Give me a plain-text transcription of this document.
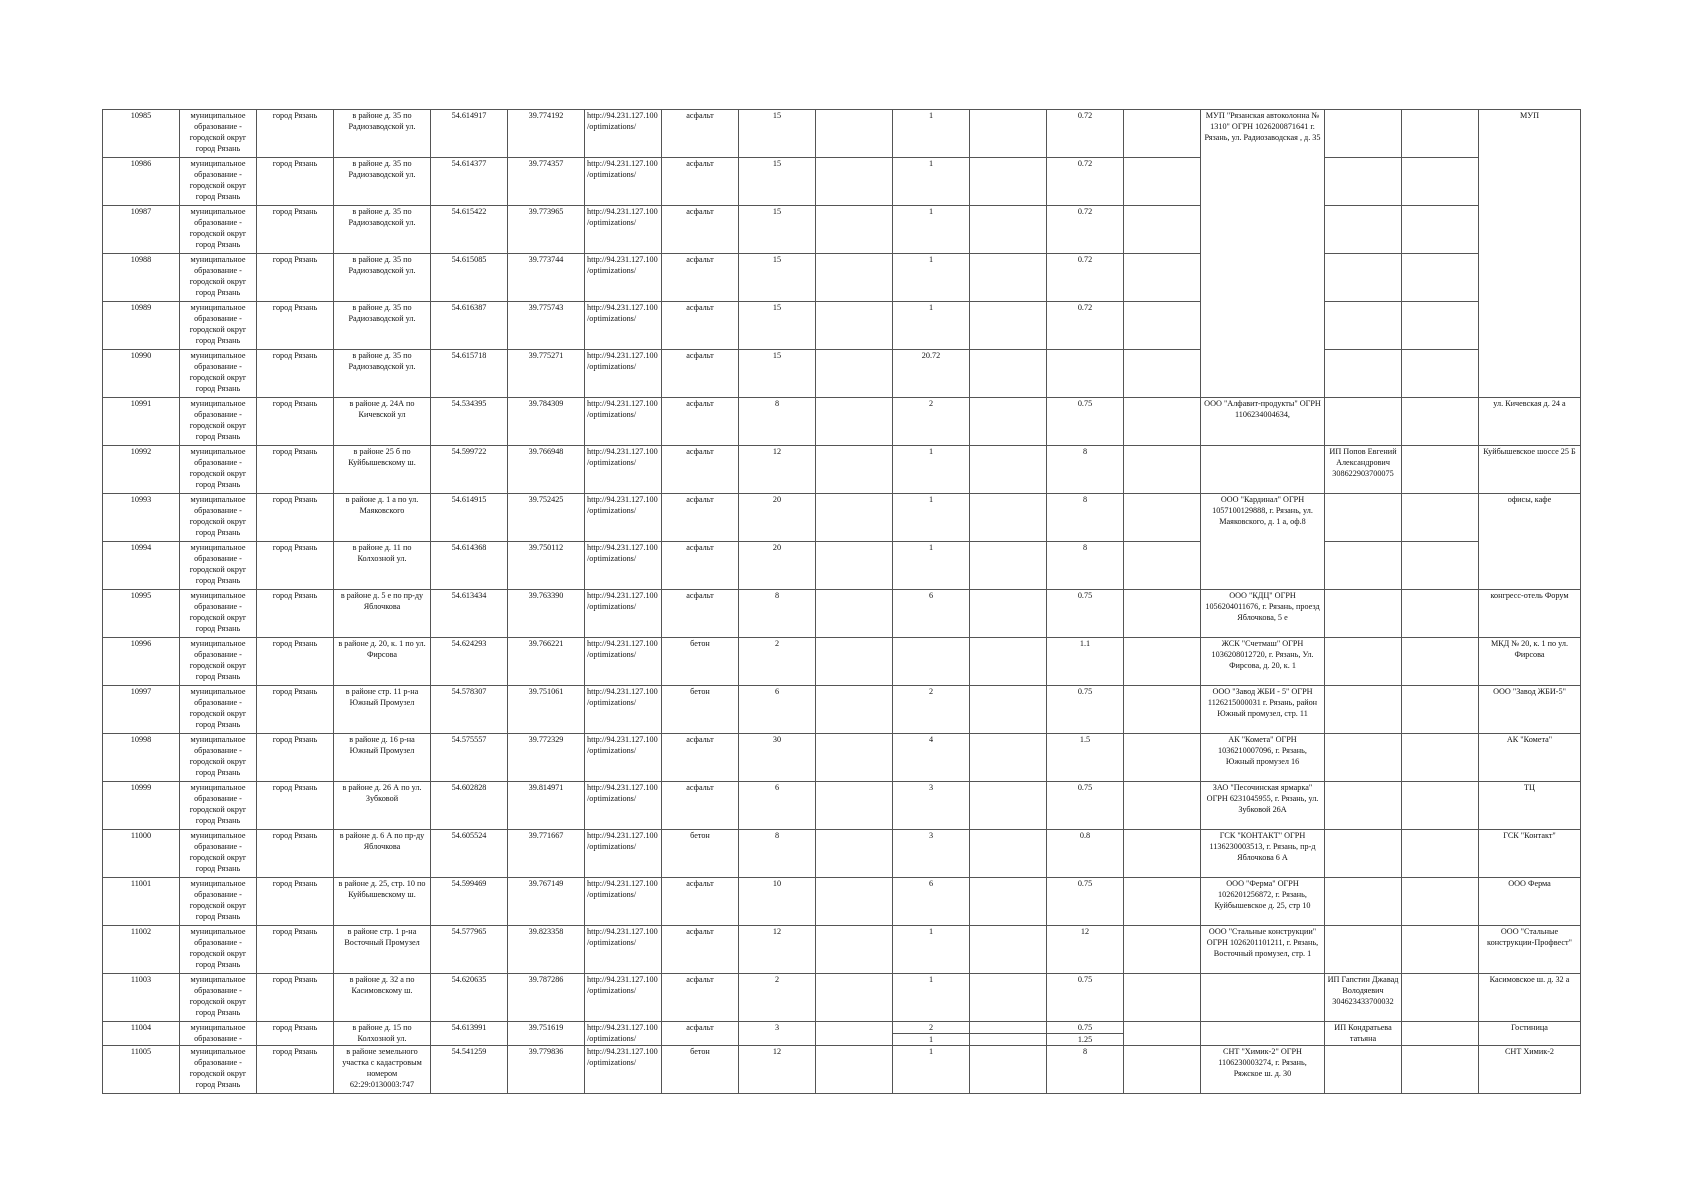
10985	муниципальное образование - городской округ город Рязань	город Рязань	в районе д. 35 по Радиозаводской ул.	54.614917	39.774192	http://94.231.127.100/optimizations/	асфальт	15		1		0.72		МУП "Рязанская автоколонна № 1310" ОГРН 1026200871641 г. Рязань, ул. Радиозаводская , д. 35			МУП
10986	муниципальное образование - городской округ город Рязань	город Рязань	в районе д. 35 по Радиозаводской ул.	54.614377	39.774357	http://94.231.127.100/optimizations/	асфальт	15		1		0.72					
10987	муниципальное образование - городской округ город Рязань	город Рязань	в районе д. 35 по Радиозаводской ул.	54.615422	39.773965	http://94.231.127.100/optimizations/	асфальт	15		1		0.72					
10988	муниципальное образование - городской округ город Рязань	город Рязань	в районе д. 35 по Радиозаводской ул.	54.615085	39.773744	http://94.231.127.100/optimizations/	асфальт	15		1		0.72					
10989	муниципальное образование - городской округ город Рязань	город Рязань	в районе д. 35 по Радиозаводской ул.	54.616387	39.775743	http://94.231.127.100/optimizations/	асфальт	15		1		0.72					
10990	муниципальное образование - городской округ город Рязань	город Рязань	в районе д. 35 по Радиозаводской ул.	54.615718	39.775271	http://94.231.127.100/optimizations/	асфальт	15		20.72							
10991	муниципальное образование - городской округ город Рязань	город Рязань	в районе д. 24А по Кичевской ул	54.534395	39.784309	http://94.231.127.100/optimizations/	асфальт	8		2		0.75		ООО "Алфавит-продукты" ОГРН 1106234004634,			ул. Кичевская д. 24 а
10992	муниципальное образование - городской округ город Рязань	город Рязань	в районе 25 б по Куйбышевскому ш.	54.599722	39.766948	http://94.231.127.100/optimizations/	асфальт	12		1		8			ИП Попов Евгений Александрович 308622903700075		Куйбышевское шоссе 25 Б
10993	муниципальное образование - городской округ город Рязань	город Рязань	в районе д. 1 а по ул. Маяковского	54.614915	39.752425	http://94.231.127.100/optimizations/	асфальт	20		1		8		ООО "Кардинал" ОГРН 1057100129888, г. Рязань, ул. Маяковского, д. 1 а, оф.8			офисы, кафе
10994	муниципальное образование - городской округ город Рязань	город Рязань	в районе д. 11 по Колхозной ул.	54.614368	39.750112	http://94.231.127.100/optimizations/	асфальт	20		1		8					
10995	муниципальное образование - городской округ город Рязань	город Рязань	в районе д. 5 е по пр-ду Яблочкова	54.613434	39.763390	http://94.231.127.100/optimizations/	асфальт	8		6		0.75		ООО "КДЦ" ОГРН 1056204011676, г. Рязань, проезд Яблочкова, 5 е			конгресс-отель Форум
10996	муниципальное образование - городской округ город Рязань	город Рязань	в районе д. 20, к. 1 по ул. Фирсова	54.624293	39.766221	http://94.231.127.100/optimizations/	бетон	2				1.1		ЖСК "Счетмаш" ОГРН 1036208012720, г. Рязань, Ул. Фирсова, д. 20, к. 1			МКД № 20, к. 1 по ул. Фирсова
10997	муниципальное образование - городской округ город Рязань	город Рязань	в районе стр. 11 р-на Южный Промузел	54.578307	39.751061	http://94.231.127.100/optimizations/	бетон	6		2		0.75		ООО "Завод ЖБИ - 5" ОГРН 1126215000031 г. Рязань, район Южный промузел, стр. 11			ООО "Завод ЖБИ-5"
10998	муниципальное образование - городской округ город Рязань	город Рязань	в районе д. 16 р-на Южный Промузел	54.575557	39.772329	http://94.231.127.100/optimizations/	асфальт	30		4		1.5		АК "Комета" ОГРН 1036210007096, г. Рязань, Южный промузел 16			АК "Комета"
10999	муниципальное образование - городской округ город Рязань	город Рязань	в районе д. 26 А по ул. Зубковой	54.602828	39.814971	http://94.231.127.100/optimizations/	асфальт	6		3		0.75		ЗАО "Песочинская ярмарка" ОГРН 6231045955, г. Рязань, ул. Зубковой 26А			ТЦ
11000	муниципальное образование - городской округ город Рязань	город Рязань	в районе д. 6 А по пр-ду Яблочкова	54.605524	39.771667	http://94.231.127.100/optimizations/	бетон	8		3		0.8		ГСК "КОНТАКТ" ОГРН 1136230003513, г. Рязань, пр-д Яблочкова 6 А			ГСК "Контакт"
11001	муниципальное образование - городской округ город Рязань	город Рязань	в районе д. 25, стр. 10 по Куйбышевскому ш.	54.599469	39.767149	http://94.231.127.100/optimizations/	асфальт	10		6		0.75		ООО "Ферма" ОГРН 1026201256872, г. Рязань, Куйбышевское д. 25, стр 10			ООО Ферма
11002	муниципальное образование - городской округ город Рязань	город Рязань	в районе стр. 1 р-на Восточный Промузел	54.577965	39.823358	http://94.231.127.100/optimizations/	асфальт	12		1		12		ООО "Стальные конструкции" ОГРН 1026201101211, г. Рязань, Восточный промузел, стр. 1			ООО "Стальные конструкции-Профвест"
11003	муниципальное образование - городской округ город Рязань	город Рязань	в районе д. 32 а по Касимовскому ш.	54.620635	39.787286	http://94.231.127.100/optimizations/	асфальт	2		1		0.75			ИП Гапстин Джавад Володяевич 304623433700032		Касимовское ш. д. 32 а
11004	муниципальное образование -	город Рязань	в районе д. 15 по Колхозной ул.	54.613991	39.751619	http://94.231.127.100/optimizations/	асфальт	3		2		0.75			ИП Кондратьева татьяна		Гостиница
										1		1.25					
11005	муниципальное образование - городской округ город Рязань	город Рязань	в районе земельного участка с кадастровым номером 62:29:0130003:747	54.541259	39.779836	http://94.231.127.100/optimizations/	бетон	12		1		8		СНТ "Химик-2" ОГРН 1106230003274, г. Рязань, Ряжское ш. д. 30			СНТ Химик-2
